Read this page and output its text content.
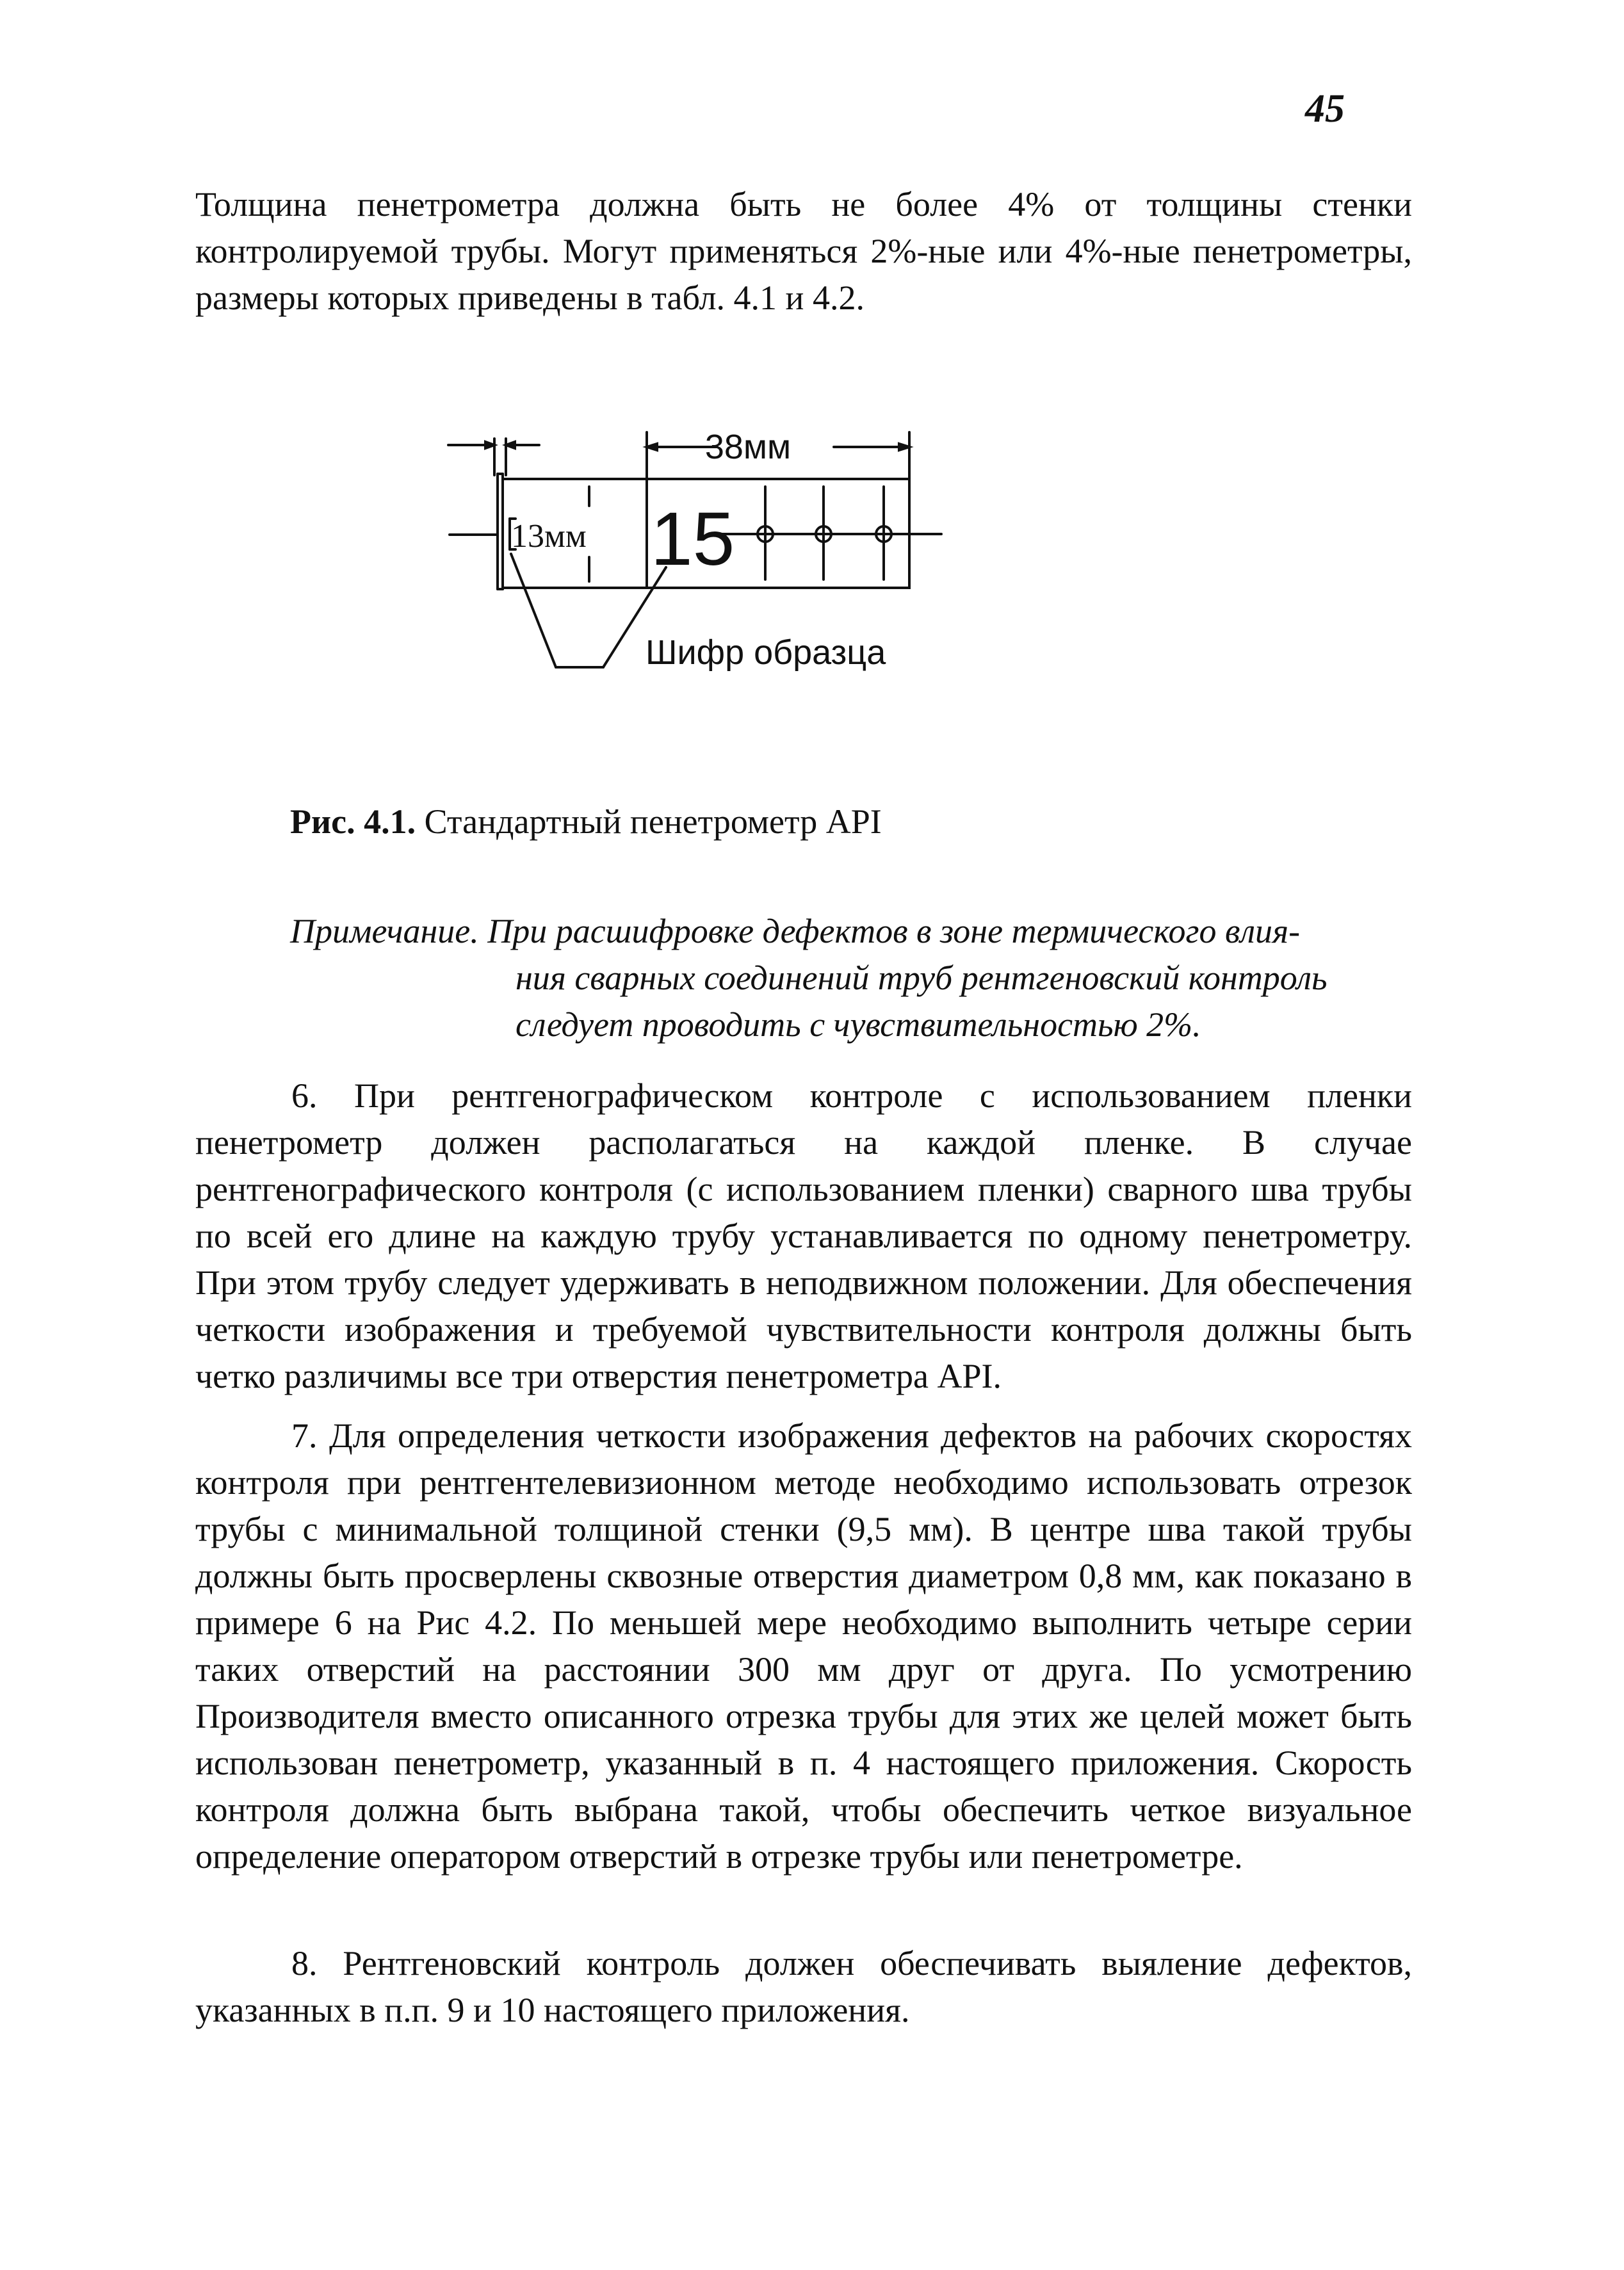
45

Толщина пенетрометра должна быть не более 4% от толщины стенки контролируемой трубы. Могут применяться 2%-ные или 4%-ные пенетрометры, размеры которых приведены в табл. 4.1 и 4.2.

38мм
13мм 15
Шифр образца
Рис. 4.1. Стандартный пенетрометр API
Примечание. При расшифровке дефектов в зоне термического влия-
ния сварных соединений труб рентгеновский контроль
следует проводить с чувствительностью 2%.

6. При рентгенографическом контроле с использованием пленки пенетрометр должен располагаться на каждой пленке. В случае рентгенографического контроля (с использованием пленки) сварного шва трубы по всей его длине на каждую трубу устанавливается по одному пенетрометру. При этом трубу следует удерживать в неподвижном положении. Для обеспечения четкости изображения и требуемой чувствительности контроля должны быть четко различимы все три отверстия пенетрометра API.

7. Для определения четкости изображения дефектов на рабочих скоростях контроля при рентгентелевизионном методе необходимо использовать отрезок трубы с минимальной толщиной стенки (9,5 мм). В центре шва такой трубы должны быть просверлены сквозные отверстия диаметром 0,8 мм, как показано в примере 6 на Рис 4.2. По меньшей мере необходимо выполнить четыре серии таких отверстий на расстоянии 300 мм друг от друга. По усмотрению Производителя вместо описанного отрезка трубы для этих же целей может быть использован пенетрометр, указанный в п. 4 настоящего приложения. Скорость контроля должна быть выбрана такой, чтобы обеспечить четкое визуальное определение оператором отверстий в отрезке трубы или пенетрометре.

8. Рентгеновский контроль должен обеспечивать выяление дефектов, указанных в п.п. 9 и 10 настоящего приложения.
